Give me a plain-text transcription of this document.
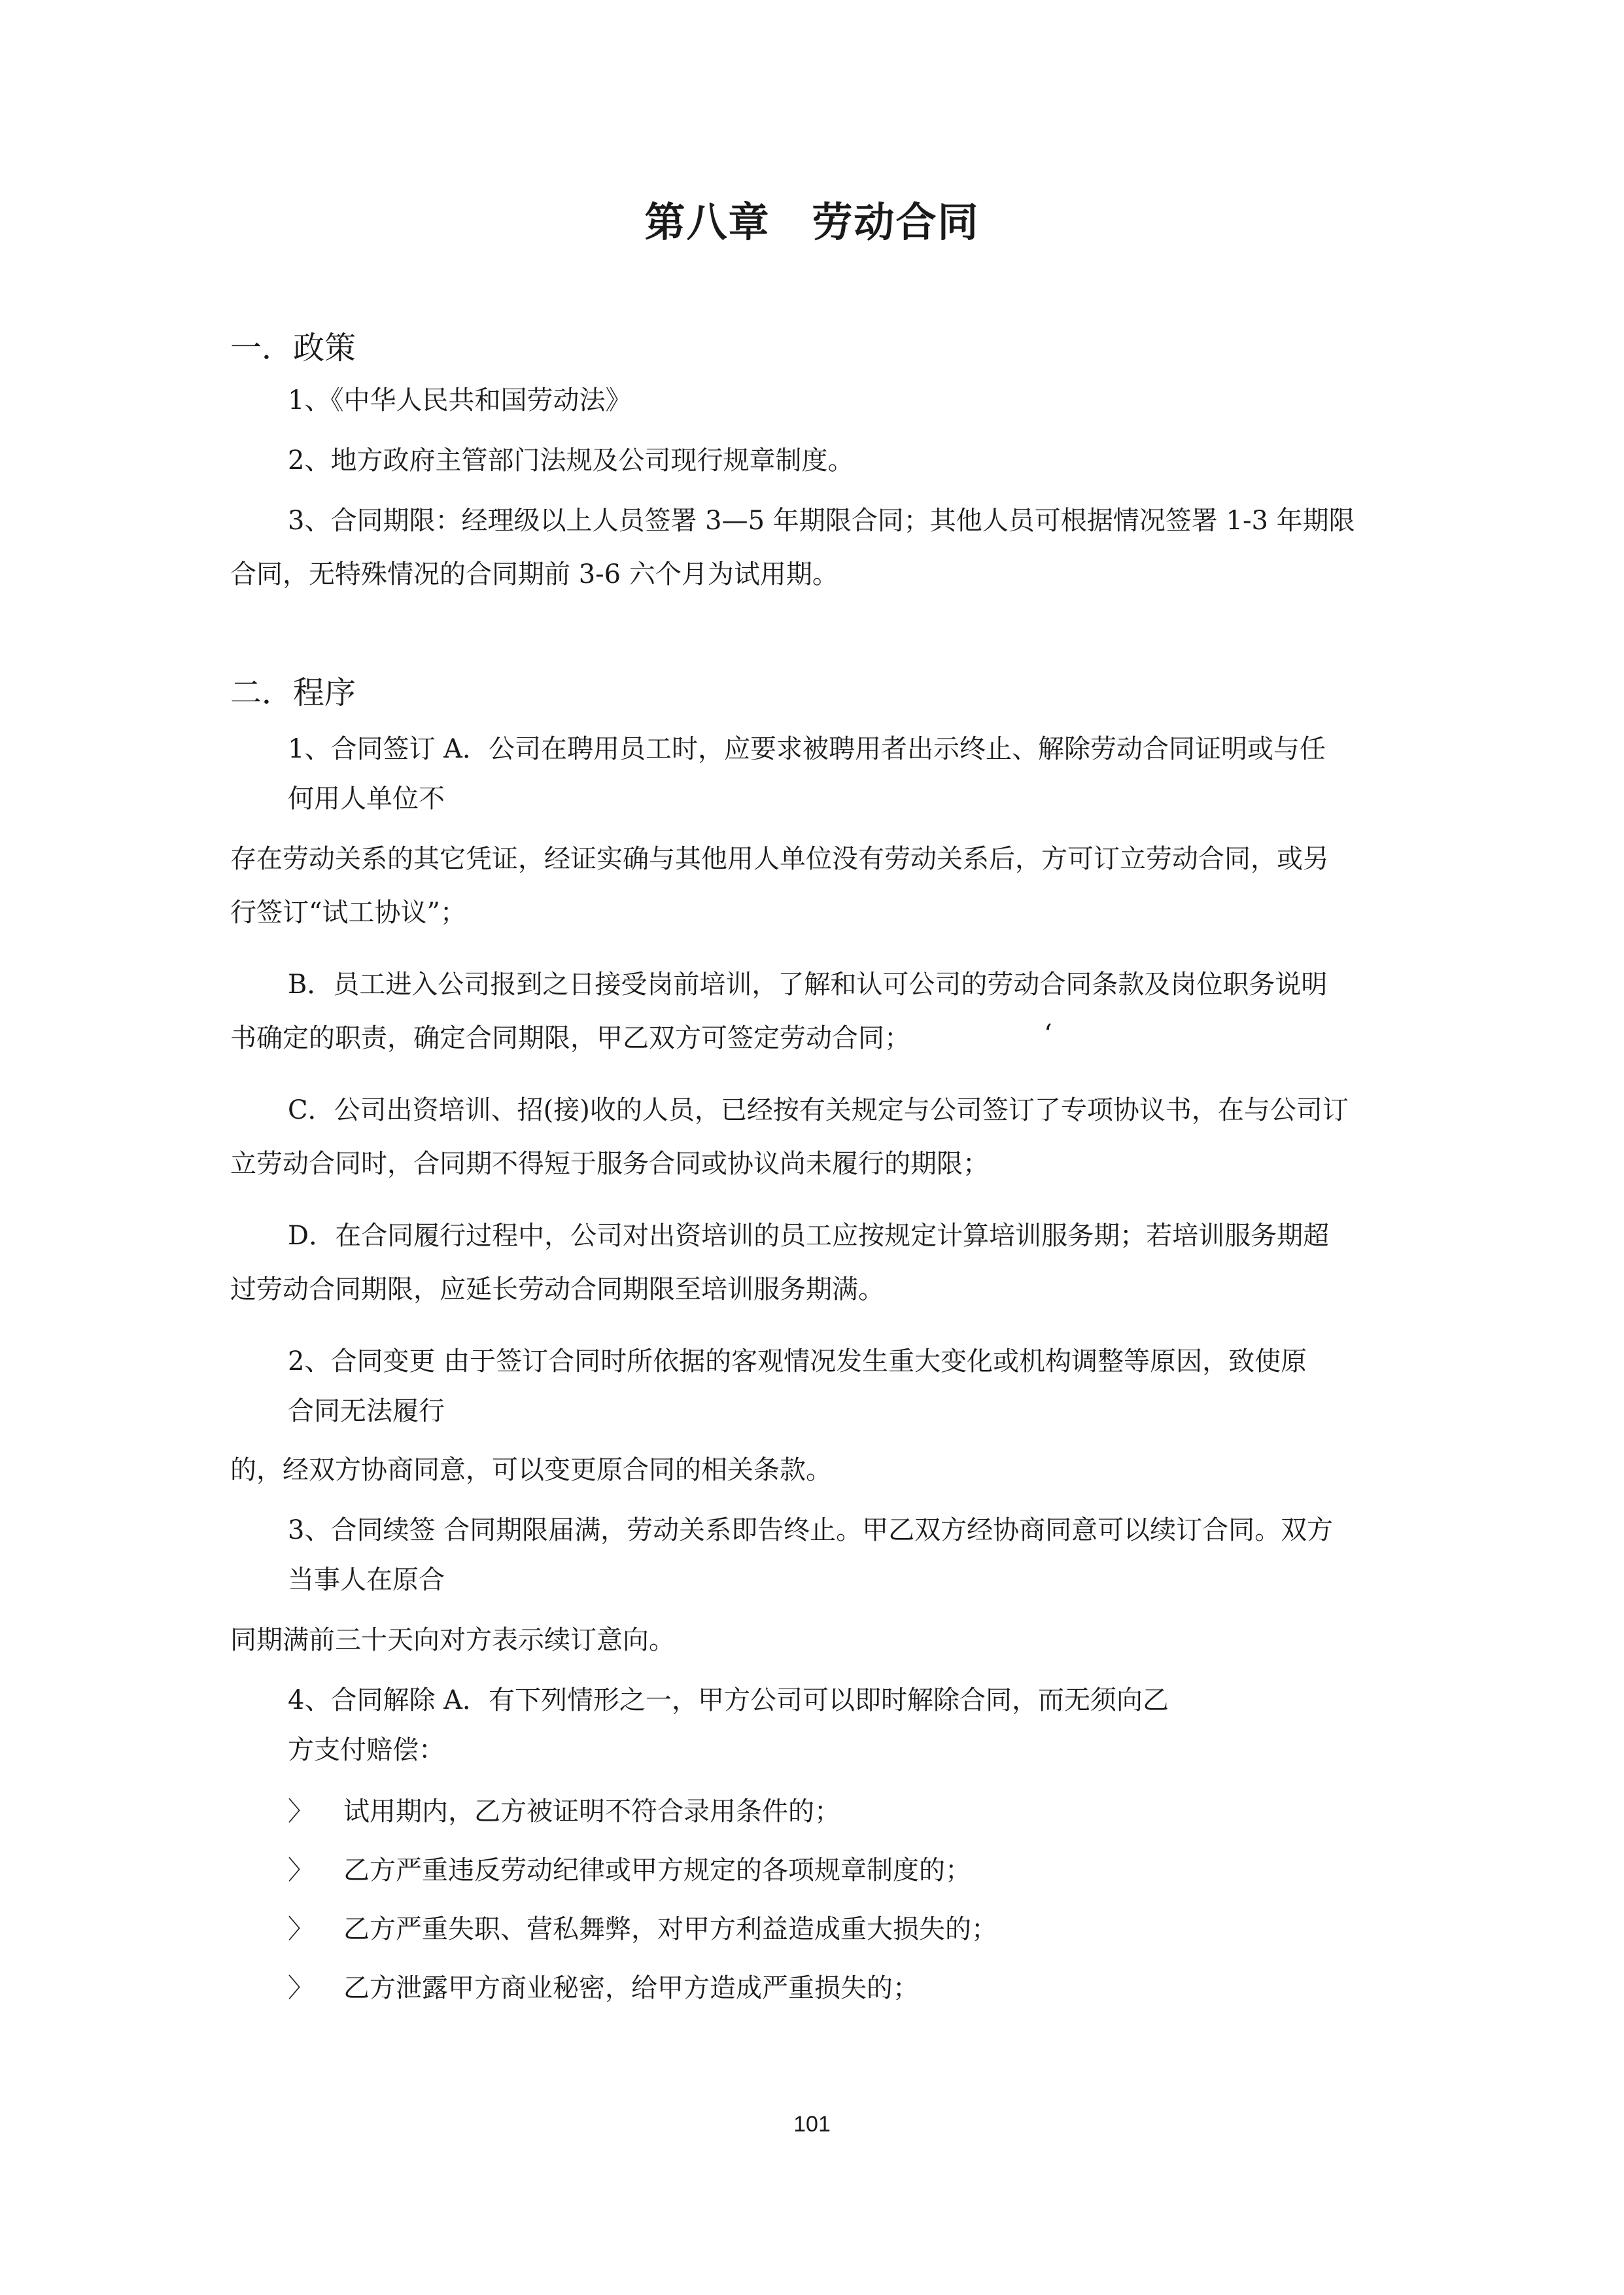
第八章　劳动合同
一．政策
1、《中华人民共和国劳动法》
2、地方政府主管部门法规及公司现行规章制度。
3、合同期限：经理级以上人员签署 3—5 年期限合同；其他人员可根据情况签署 1-3 年期限
合同，无特殊情况的合同期前 3-6 六个月为试用期。
二．程序
1、合同签订 A．公司在聘用员工时，应要求被聘用者出示终止、解除劳动合同证明或与任
何用人单位不
存在劳动关系的其它凭证，经证实确与其他用人单位没有劳动关系后，方可订立劳动合同，或另
行签订“试工协议”；
B．员工进入公司报到之日接受岗前培训，了解和认可公司的劳动合同条款及岗位职务说明
书确定的职责，确定合同期限，甲乙双方可签定劳动合同；	‘
C．公司出资培训、招(接)收的人员，已经按有关规定与公司签订了专项协议书，在与公司订
立劳动合同时，合同期不得短于服务合同或协议尚未履行的期限；
D．在合同履行过程中，公司对出资培训的员工应按规定计算培训服务期；若培训服务期超
过劳动合同期限，应延长劳动合同期限至培训服务期满。
2、合同变更 由于签订合同时所依据的客观情况发生重大变化或机构调整等原因，致使原
合同无法履行
的，经双方协商同意，可以变更原合同的相关条款。
3、合同续签 合同期限届满，劳动关系即告终止。甲乙双方经协商同意可以续订合同。双方
当事人在原合
同期满前三十天向对方表示续订意向。
4、合同解除 A．有下列情形之一，甲方公司可以即时解除合同，而无须向乙
方支付赔偿：
〉 试用期内，乙方被证明不符合录用条件的；
〉 乙方严重违反劳动纪律或甲方规定的各项规章制度的；
〉 乙方严重失职、营私舞弊，对甲方利益造成重大损失的；
〉 乙方泄露甲方商业秘密，给甲方造成严重损失的；
101
